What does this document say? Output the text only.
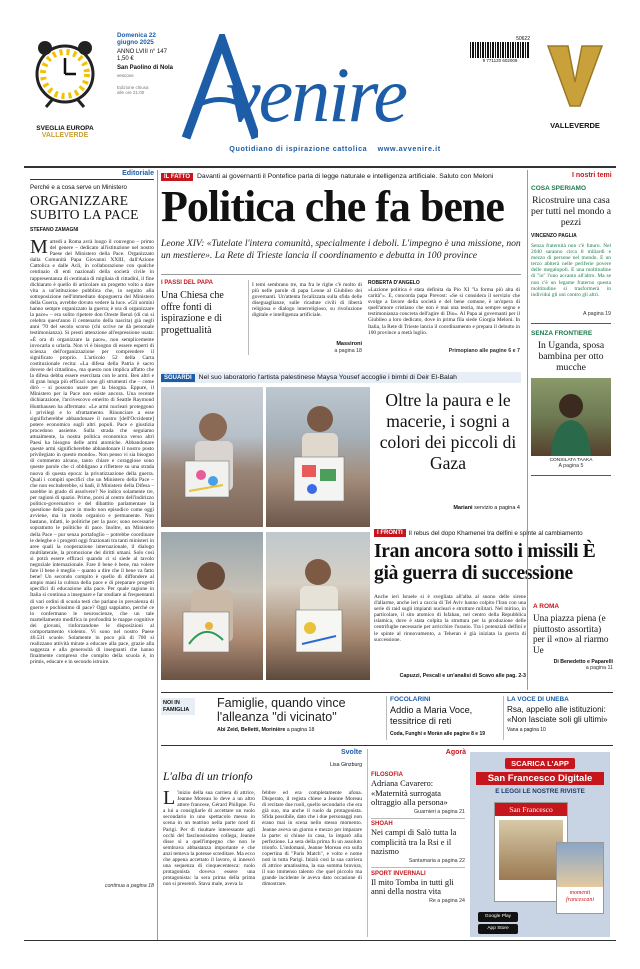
SVEGLIA EUROPA
VALLEVERDE
Domenica 22 giugno 2025
ANNO LVIII n° 147
1,50 €
San Paolino di Nola
vescovo
Edizione chiusa alle ore 21.00 venire
Quotidiano di ispirazione cattolica    www.avvenire.it
50622
9 771120 602009
VALLEVERDE
Editoriale
Perché e a cosa serve un Ministero
ORGANIZZARE SUBITO LA PACE
STEFANO ZAMAGNI
Martedì a Roma avrà luogo il convegno – primo del genere – dedicato all'istituzione nel nostro Paese del Ministero della Pace. Organizzato dalla Comunità Papa Giovanni XXIII, dall'Azione Cattolica e dalle Acli, in collaborazione con qualche centinaio di enti nazionali della società civile in rappresentanza di centinaia di migliaia di cittadini, il fine dichiarato è quello di articolare un progetto volto a dare vita a un'istituzione pubblica che, in seguito alla sottoposizione nell'immediato dopoguerra del Ministero della Guerra, avrebbe dovuto vedere la luce. «Gli uomini hanno sempre organizzato la guerra; è ora di organizzare la pace» – era solito ripetere don Oreste Benzi (di cui si celebra quest'anno il centenario della nascita) già negli anni '70 del secolo scorso (chi scrive ne dà personale testimonianza). Si presti attenzione all'espressione usata: «È ora di organizzare la pace», non semplicemente invocarla o urlarla. Non vi è bisogno di essere esperti di scienza dell'organizzazione per comprendere il significato proprio. L'articolo 52 della Carta costituzionale recita: «La difesa della Patria è sacro dovere del cittadino», ma questo non implica affatto che la difesa debba essere esercitata con le armi. Ben altri e di gran lunga più efficaci sono gli strumenti che – come dirò – si possono usare per la bisogna. Eppure, il Ministero per la Pace non esiste ancora. Una recente dichiarazione, l'arcivescovo emerito di Seattle Raymond Hunthausen ha affermato: «Le armi nucleari proteggono i privilegi e lo sfruttamento. Rinunciare a esse significherebbe abbandonare il nostro [dell'Occidente] potere economico sugli altri popoli. Pace e giustizia procedono assieme. Sulla strada che seguiamo attualmente, la nostra politica economica verso altri Paesi ha bisogno delle armi atomiche. Abbandonare queste armi significherebbe abbandonare il nostro posto privilegiato in questo mondo». Non penso vi sia bisogno di commento alcuno, tanto chiare e coraggiose sono queste parole che ci obbligano a riflettere su una strada nuova di questa epoca: la privatizzazione della guerra. Quali i compiti specifici che un Ministero della Pace – che non escluderebbe, si badi, il Ministero della Difesa – sarebbe in grado di assolvere? Ne indico solamente tre, per ragioni di spazio. Primo, porsi al centro dell'indirizzo politico-governativo e del dibattito parlamentare la questione della pace in modo non episodico come oggi avviene, ma in modo organico e permanente. Non bastano, infatti, le politiche per la pace; sono necessarie soprattutto le politiche di pace. Inoltre, un Ministero della Pace – pur senza portafoglio – potrebbe coordinare le deleghe e i progetti oggi frazionati tra tanti ministeri in aree quali la cooperazione internazionale, il dialogo multilaterale, la promozione dei diritti umani. Solo così si potrà essere efficaci quando ci si siede al tavolo negoziale internazionale. Fare il bene è bene, ma volere fare il bene è meglio – quanto a dire che il bene va fatto bene! Un secondo compito è quello di diffondere al ampio mani la cultura della pace e di preparare progetti specifici di educazione alla pace. Per quale ragione in Italia si continua a insegnare e far studiare ai frequentanti di vari ordini di scuola testi che parlano in prevalenza di guerre e pochissimo di pace? Oggi sappiamo, perché ce lo confermano le neuroscienze, che un tale martellamento modifica in profondità le mappe cognitive dei giovani, rinforzandone le disposizioni al comportamento violento. Vi sono nel nostro Paese 40.531 scuole. Solamente in poco più di 700 si realizzano attività mirate a educare alla pace, grazie alla saggezza e alla generosità di insegnanti che hanno finalmente compreso che compito della scuola è, in primis, educare e in secondo istruire.
continua a pagina 18
IL FATTO	Davanti ai governanti il Pontefice parla di legge naturale e intelligenza artificiale. Saluto con Meloni	I nostri temi
Politica che fa bene
Leone XIV: «Tutelate l'intera comunità, specialmente i deboli. L'impegno è una missione, non un mestiere». La Rete di Trieste lancia il coordinamento e debutta in 100 province
I PASSI DEL PAPA
Una Chiesa che offre fonti di ispirazione e di progettualità
I temi sembrano tre, ma fra le righe c'è molto di più nelle parole di papa Leone al Giubileo dei governanti. Un'attenta focalizzata sulla sfida delle diseguaglianze, sulle ricadute civili di libertà religiosa e dialogo interreligioso, su rivoluzione digitale e intelligenza artificiale.
Massironi
a pagina 18
ROBERTA D'ANGELO
«Lazione politica è stata definita da Pio XI "la forma più alta di carità"». E, concorda papa Prevost: «Se si considera il servizio che svolge a favore della società e del bene comune, è un'opera di quell'amore cristiano che non è mai una teoria, ma sempre segno e testimonianza concreta dell'agire di Dio». Al Papa ai governanti per il Giubileo a loro dedicato, dove in prima fila siede Giorgia Meloni. In Italia, la Rete di Trieste lancia il coordinamento e prepara il debutto in 100 province a metà luglio.
Primopiano alle pagine 6 e 7
SGUARDI	Nel suo laboratorio l'artista palestinese Maysa Yousef accoglie i bimbi di Deir El-Balah
Oltre la paura e le macerie, i sogni a colori dei piccoli di Gaza
Mariani servizio a pagina 4
I FRONTI Il rebus del dopo Khamenei tra delfini e spinte al cambiamento
Iran ancora sotto i missili È già guerra di successione
Anche ieri Israele si è svegliata all'alba al suono delle sirene d'allarme, anche ieri a caccia di Tel Aviv hanno colpito l'Iran con una serie di raid sugli impianti nucleari e strutture militari. Nel mirino, in particolare, il sito atomico di Isfahan, nel centro della Repubblica islamica, dove è stata colpita la struttura per la produzione delle centrifughe necessarie per arricchire l'uranio. Tra i potenziali delfini e le spinte al rinnovamento, a Teheran è già iniziata la guerra di successione.
Capuzzi, Pescali e un'analisi di Scavo alle pag. 2-3
COSA SPERIAMO
Ricostruire una casa per tutti nel mondo a pezzi
VINCENZO PAGLIA
Senza fraternità non c'è futuro. Nel 2040 saranno circa 8 miliardi e mezzo di persone nel mondo. E un terzo abiterà nelle periferie povere delle megalopoli. E una moltitudine di "io" l'uno accanto all'altro. Ma se non c'è un legame fraterno questa moltitudine si trasformerà in individui gli uni contro gli altri.
A pagina 19
SENZA FRONTIERE
In Uganda, sposa bambina per otto mucche
CONSILATA TAAKA
A pagina 5
A ROMA
Una piazza piena (e piuttosto assortita) per il «no» al riarmo Ue
Di Benedetto e Paparelli
a pagina 11
NOI IN FAMIGLIA	Famiglie, quando vince l'alleanza "di vicinato"
Abi Zeid, Belletti, Morinière a pagina 18
FOCOLARINI
Addio a Maria Voce, tessitrice di reti
Coda, Funghi e Moràn alle pagine 8 e 19
LA VOCE DI UNEBA
Rsa, appello alle istituzioni: «Non lasciate soli gli ultimi»
Vana a pagina 10
Svolte
Lisa Ginzburg
L'alba di un trionfo
L 'inizio della sua carriera di attrice, Jeanne Moreau lo deve a un altro attore francese, Gérard Philippe. Fu a lui a consigliarle di accettare un ruolo secondario in uno spettacolo messo in scena in un teatrino nella parte nord di Parigi. Per di risultare interessante agli occhi del fascinosissimo collega, Jeanne disse sì a quell'impegno che non le sembrava abbastanza importante e che anzi temeva la potesse screditare. Ma ecco che appena accettato il lavoro, si innescò una sequenza di cinquecentesca: ruolo protagonista doveva essere una protagonista: la sera prima della prima non si presentò. Stava male, aveva la
febbre ed era completamente afona. Disperato, il regista chiese a Jeanne Moreau di recitare due ruoli, quello secondario che era già suo, ma anche il ruolo da protagonista. Sfida possibile, dato che i due personaggi non erano mai in scena nello stesso momento. Jeanne aveva un giorno e mezzo per imparare la parte: si chiuse in casa, la imparò alla perfezione. La sera della prima fu un assoluto trionfo. L'indomani, Jeanne Moreau era sulla copertina di "Paris Match", e volto e nome noti in tutta Parigi. Iniziò così la sua carriera di attrice amatissima, la sua somma bravura, il suo immenso talento che quel piccolo ma grande incidente le aveva dato occasione di dimostrare.
Agorà
FILOSOFIA
Adriana Cavarero: «Maternità surrogata oltraggio alla persona»
Guarnieri a pagina 21
SHOAH
Nei campi di Salò tutta la complicità tra la Rsi e il nazismo
Santamaria a pagina 22
SPORT INVERNALI
Il mito Tomba in tutti gli anni della nostra vita
Re a pagina 24
SCARICA L'APP
San Francesco Digitale
E LEGGI LE NOSTRE RIVISTE
San Francesco
momenti francescani
Google Play
App Store
